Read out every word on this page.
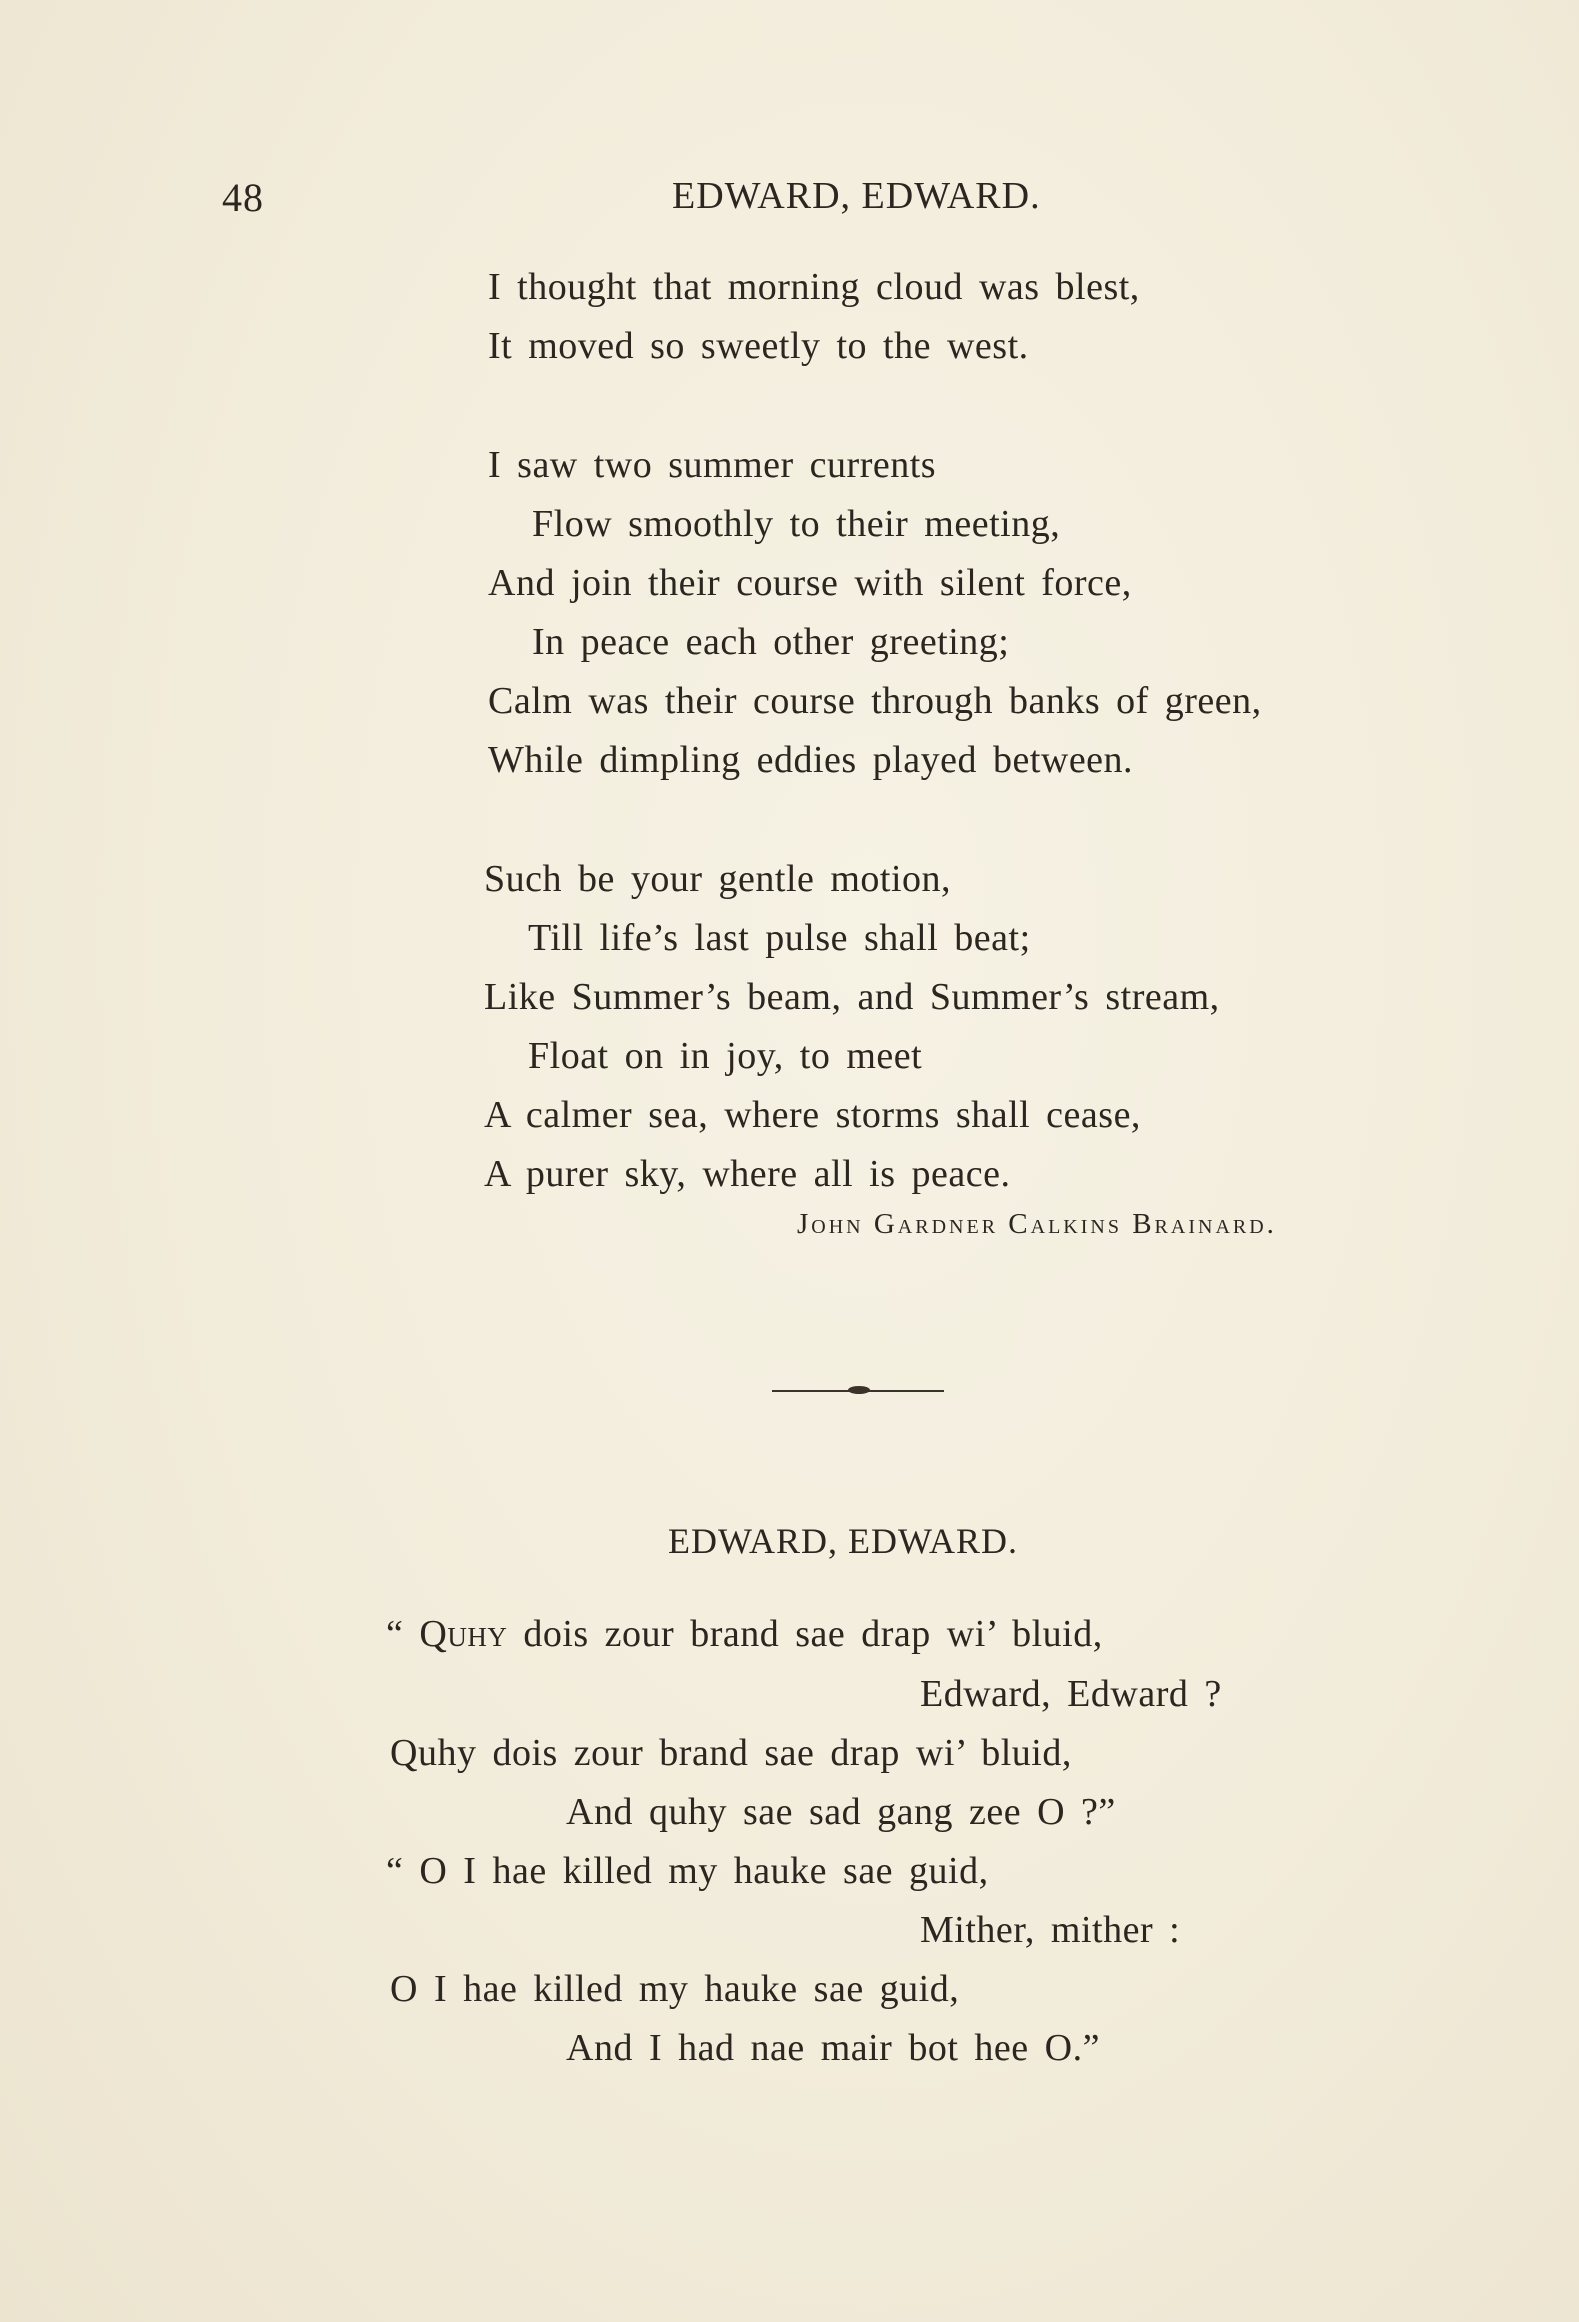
48	EDWARD, EDWARD.
I thought that morning cloud was blest,
It moved so sweetly to the west.
I saw two summer currents
Flow smoothly to their meeting,
And join their course with silent force,
In peace each other greeting;
Calm was their course through banks of green,
While dimpling eddies played between.
Such be your gentle motion,
Till life’s last pulse shall beat;
Like Summer’s beam, and Summer’s stream,
Float on in joy, to meet
A calmer sea, where storms shall cease,
A purer sky, where all is peace.
John Gardner Calkins Brainard.
EDWARD, EDWARD.
“ Quhy dois zour brand sae drap wi’ bluid,
Edward, Edward ?
Quhy dois zour brand sae drap wi’ bluid,
And quhy sae sad gang zee O ?”
“ O I hae killed my hauke sae guid,
Mither, mither :
O I hae killed my hauke sae guid,
And I had nae mair bot hee O.”
